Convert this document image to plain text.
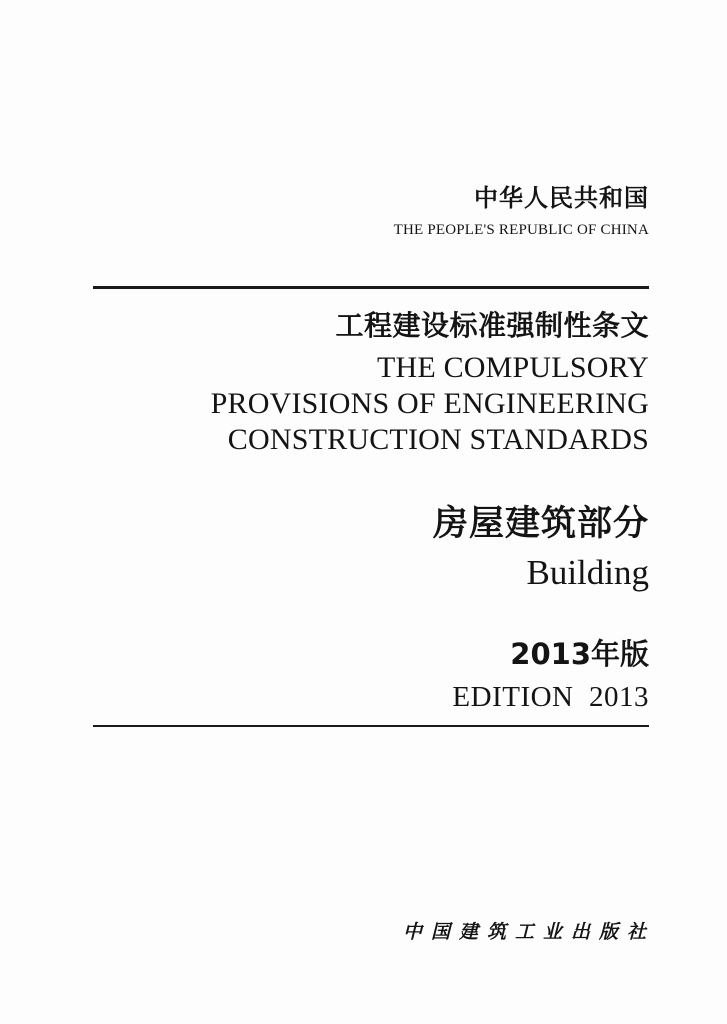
中华人民共和国
THE PEOPLE'S REPUBLIC OF CHINA
工程建设标准强制性条文
THE COMPULSORY
PROVISIONS OF ENGINEERING
CONSTRUCTION STANDARDS
房屋建筑部分
Building
2013年版
EDITION  2013
中国建筑工业出版社
